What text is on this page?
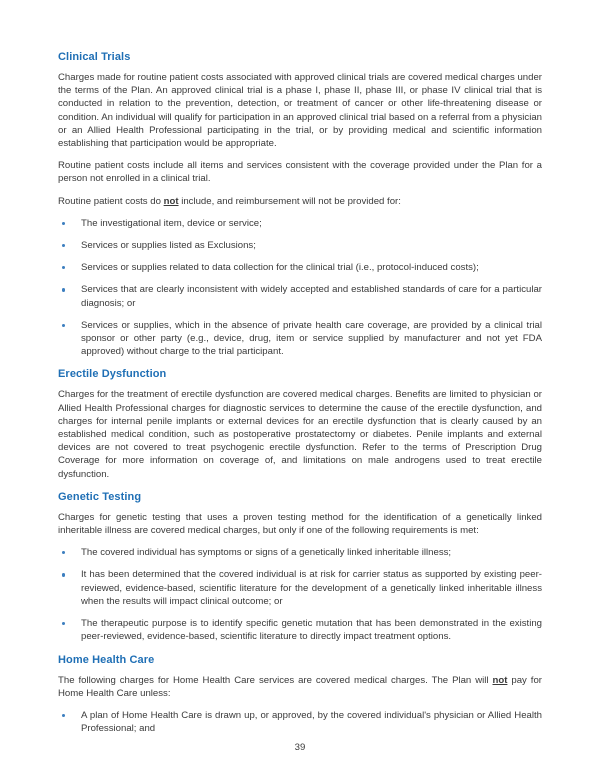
Clinical Trials

Charges made for routine patient costs associated with approved clinical trials are covered medical charges under the terms of the Plan. An approved clinical trial is a phase I, phase II, phase III, or phase IV clinical trial that is conducted in relation to the prevention, detection, or treatment of cancer or other life-threatening disease or condition. An individual will qualify for participation in an approved clinical trial based on a referral from a physician or an Allied Health Professional participating in the trial, or by providing medical and scientific information establishing that participation would be appropriate.

Routine patient costs include all items and services consistent with the coverage provided under the Plan for a person not enrolled in a clinical trial.

Routine patient costs do not include, and reimbursement will not be provided for:

The investigational item, device or service;
Services or supplies listed as Exclusions;
Services or supplies related to data collection for the clinical trial (i.e., protocol-induced costs);
Services that are clearly inconsistent with widely accepted and established standards of care for a particular diagnosis; or
Services or supplies, which in the absence of private health care coverage, are provided by a clinical trial sponsor or other party (e.g., device, drug, item or service supplied by manufacturer and not yet FDA approved) without charge to the trial participant.
Erectile Dysfunction

Charges for the treatment of erectile dysfunction are covered medical charges. Benefits are limited to physician or Allied Health Professional charges for diagnostic services to determine the cause of the erectile dysfunction, and charges for internal penile implants or external devices for an erectile dysfunction that is clearly caused by an established medical condition, such as postoperative prostatectomy or diabetes. Penile implants and external devices are not covered to treat psychogenic erectile dysfunction. Refer to the terms of Prescription Drug Coverage for more information on coverage of, and limitations on male androgens used to treat erectile dysfunction.

Genetic Testing

Charges for genetic testing that uses a proven testing method for the identification of a genetically linked inheritable illness are covered medical charges, but only if one of the following requirements is met:

The covered individual has symptoms or signs of a genetically linked inheritable illness;
It has been determined that the covered individual is at risk for carrier status as supported by existing peer-reviewed, evidence-based, scientific literature for the development of a genetically linked inheritable illness when the results will impact clinical outcome; or
The therapeutic purpose is to identify specific genetic mutation that has been demonstrated in the existing peer-reviewed, evidence-based, scientific literature to directly impact treatment options.
Home Health Care

The following charges for Home Health Care services are covered medical charges. The Plan will not pay for Home Health Care unless:

A plan of Home Health Care is drawn up, or approved, by the covered individual's physician or Allied Health Professional; and
39
